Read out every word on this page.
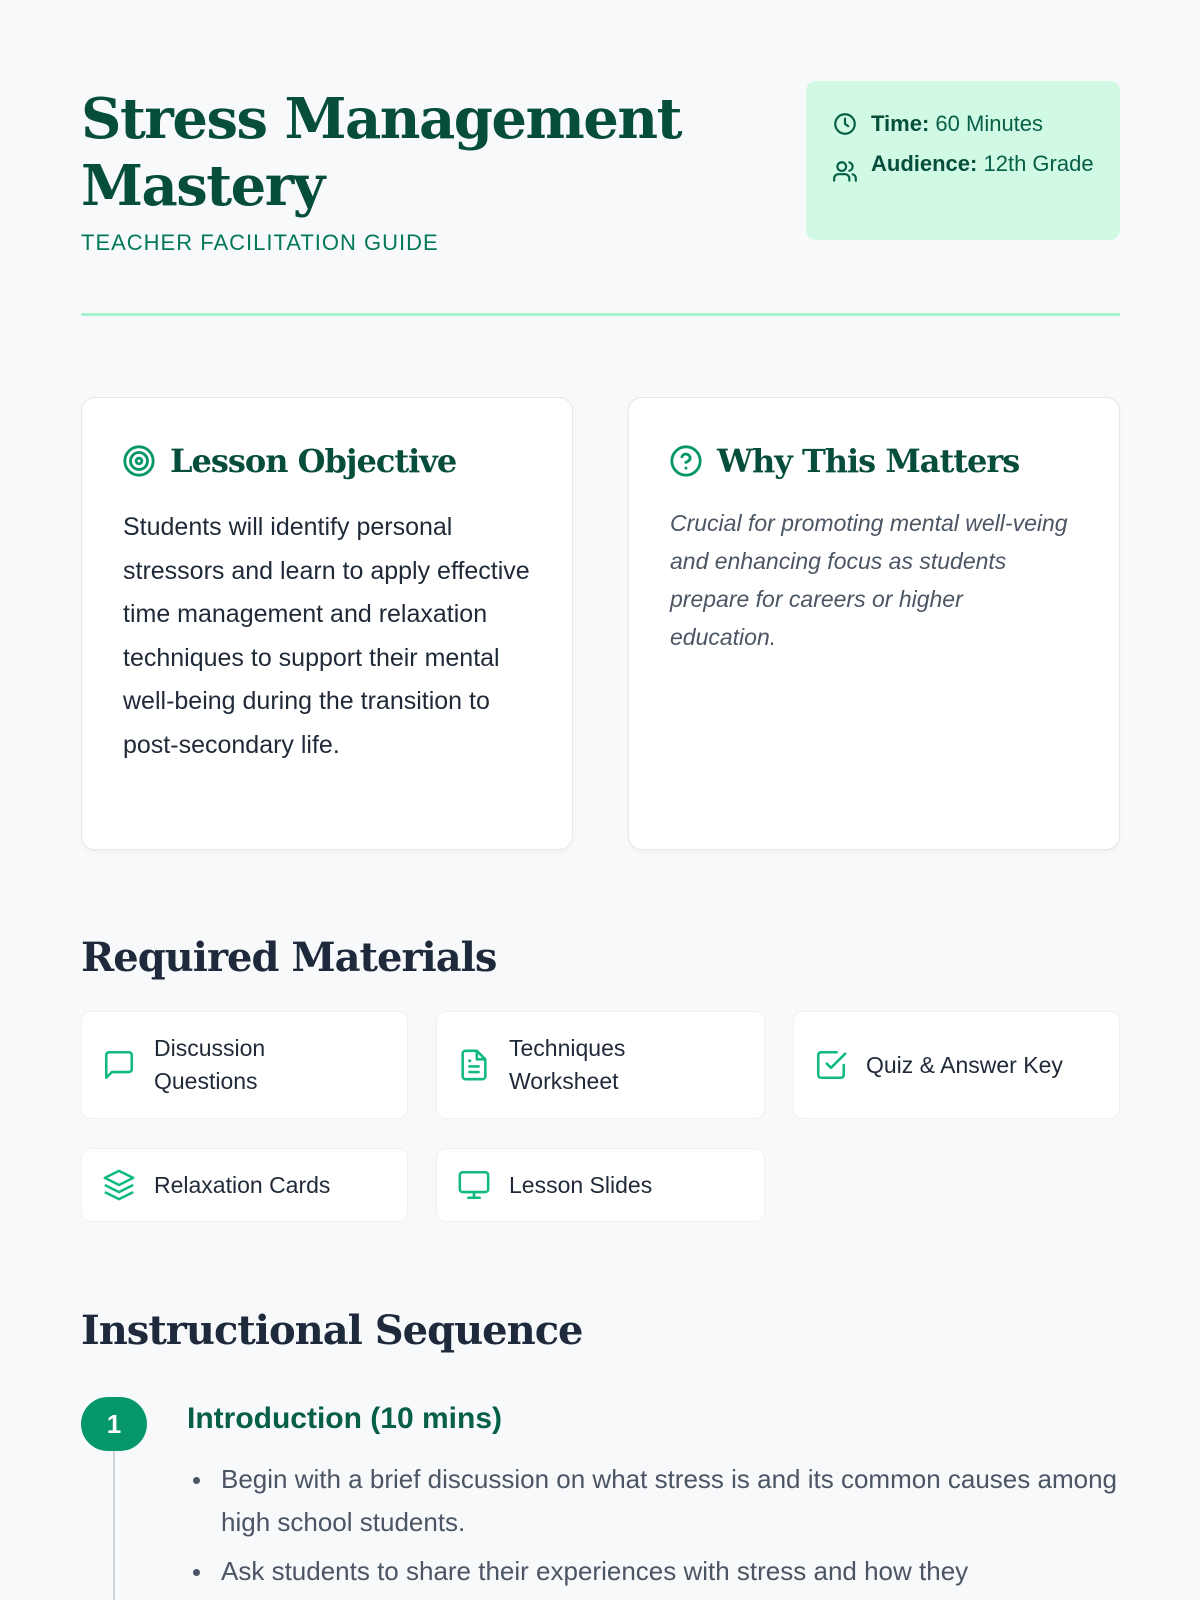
Stress Management Mastery
TEACHER FACILITATION GUIDE
Time: 60 Minutes
Audience: 12th Grade
Lesson Objective

Students will identify personal stressors and learn to apply effective time management and relaxation techniques to support their mental well-being during the transition to post-secondary life.

Why This Matters

Crucial for promoting mental well-veing and enhancing focus as students prepare for careers or higher education.

Required Materials
Discussion Questions
Techniques Worksheet
Quiz & Answer Key
Relaxation Cards	Lesson Slides
Instructional Sequence
1	Introduction (10 mins)
Begin with a brief discussion on what stress is and its common causes among high school students.
Ask students to share their experiences with stress and how they
